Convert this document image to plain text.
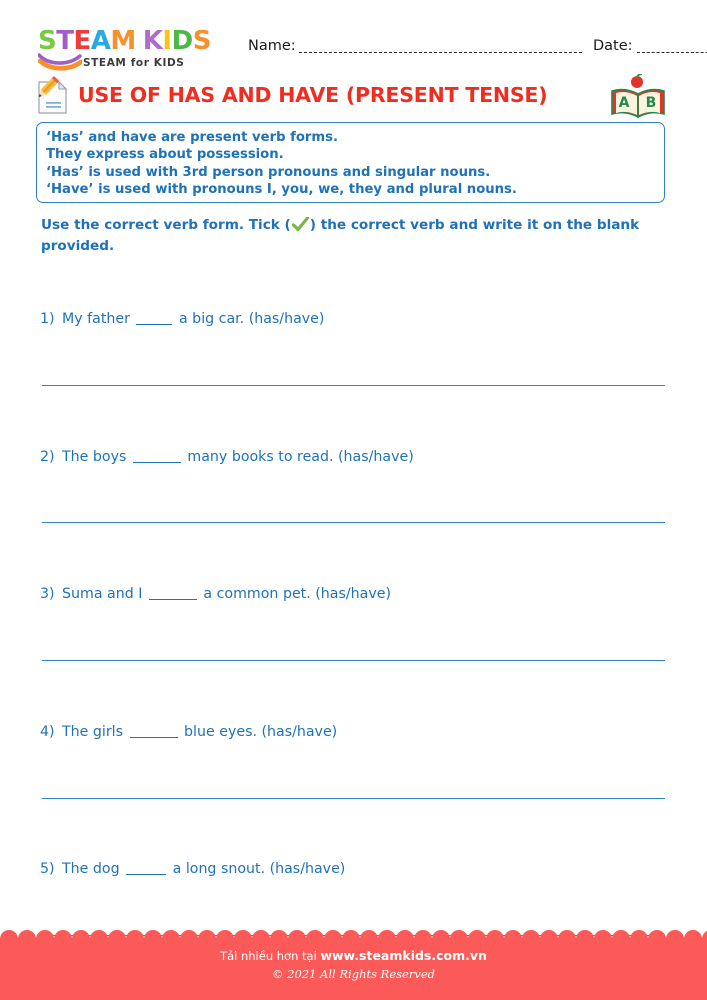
STEAM KIDS
STEAM for KIDS
Name:	Date:
USE OF HAS AND HAVE (PRESENT TENSE)	A B
‘Has’ and have are present verb forms.
They express about possession.
‘Has’ is used with 3rd person pronouns and singular nouns.
‘Have’ is used with pronouns I, you, we, they and plural nouns.
Use the correct verb form. Tick ( ) the correct verb and write it on the blank provided.
1) My father	a big car. (has/have)
2) The boys	many books to read. (has/have)
3) Suma and I	a common pet. (has/have)
4) The girls	blue eyes. (has/have)
5) The dog	a long snout. (has/have)
Tải nhiều hơn tại www.steamkids.com.vn
© 2021 All Rights Reserved
